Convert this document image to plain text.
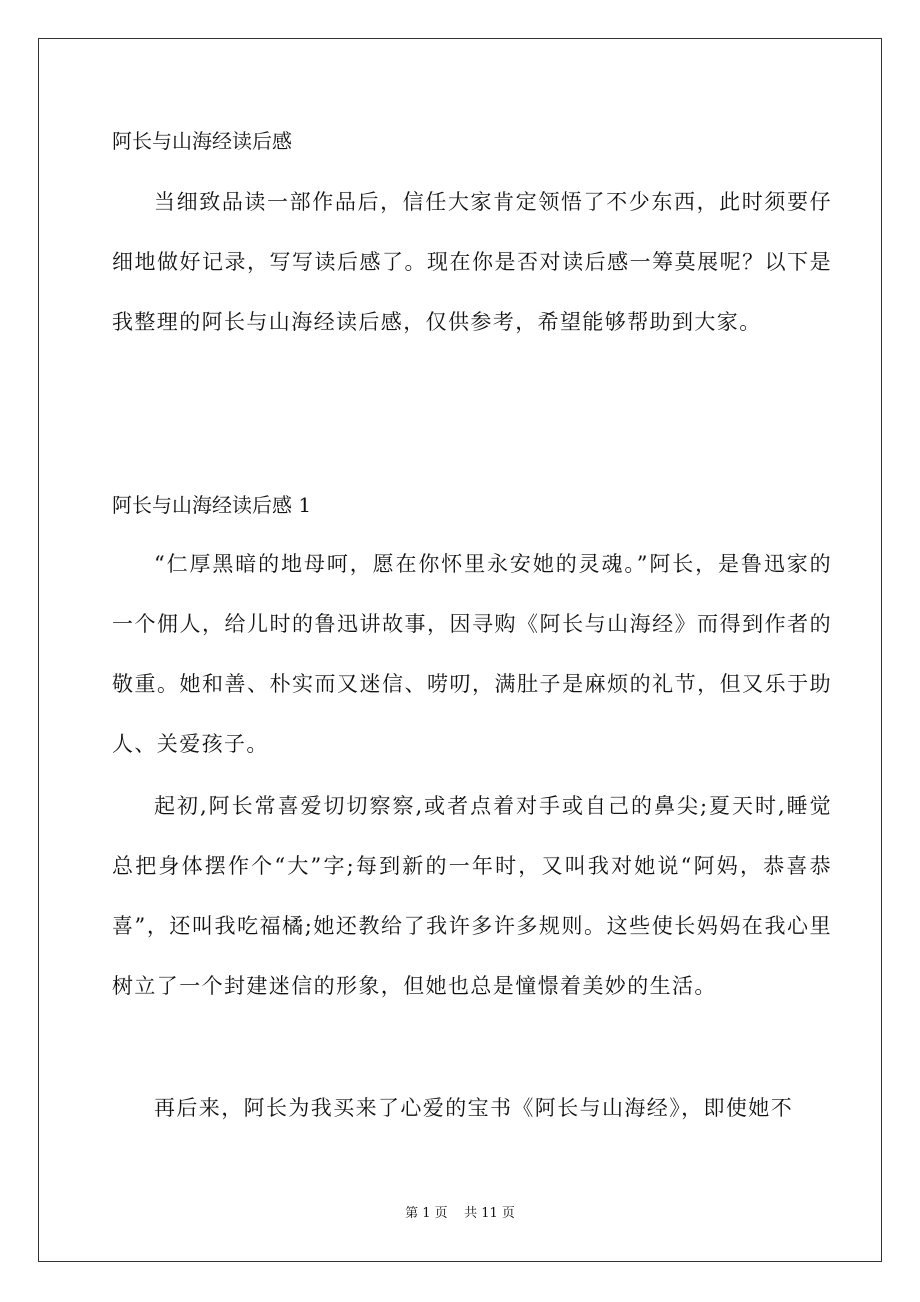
阿长与山海经读后感

当细致品读一部作品后，信任大家肯定领悟了不少东西，此时须要仔细地做好记录，写写读后感了。现在你是否对读后感一筹莫展呢？以下是我整理的阿长与山海经读后感，仅供参考，希望能够帮助到大家。

阿长与山海经读后感 1

“仁厚黑暗的地母呵，愿在你怀里永安她的灵魂。”阿长，是鲁迅家的一个佣人，给儿时的鲁迅讲故事，因寻购《阿长与山海经》而得到作者的敬重。她和善、朴实而又迷信、唠叨，满肚子是麻烦的礼节，但又乐于助人、关爱孩子。

起初,阿长常喜爱切切察察,或者点着对手或自己的鼻尖;夏天时,睡觉总把身体摆作个“大”字;每到新的一年时，又叫我对她说“阿妈，恭喜恭喜”，还叫我吃福橘;她还教给了我许多许多规则。这些使长妈妈在我心里树立了一个封建迷信的形象，但她也总是憧憬着美妙的生活。

再后来，阿长为我买来了心爱的宝书《阿长与山海经》，即使她不

第 1 页    共 11 页
